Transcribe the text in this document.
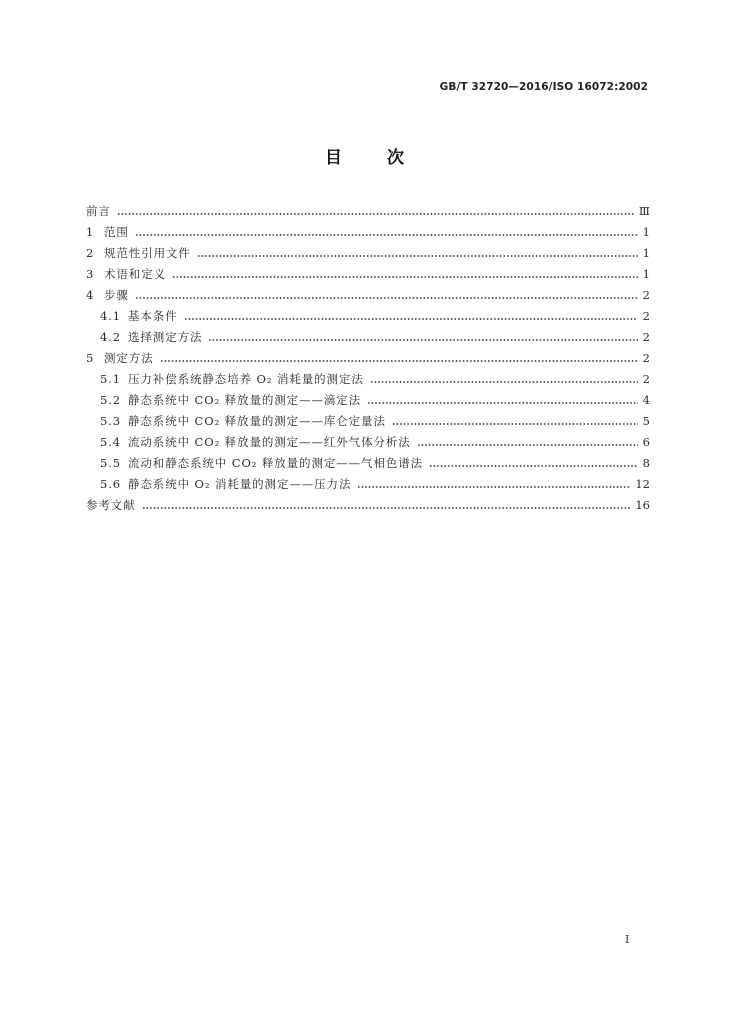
GB/T 32720—2016/ISO 16072:2002
目　次
前言	Ⅲ
1 范围	1
2 规范性引用文件	1
3 术语和定义	1
4 步骤	2
4.1 基本条件	2
4.2 选择测定方法	2
5 测定方法	2
5.1 压力补偿系统静态培养 O₂ 消耗量的测定法	2
5.2 静态系统中 CO₂ 释放量的测定——滴定法	4
5.3 静态系统中 CO₂ 释放量的测定——库仑定量法	5
5.4 流动系统中 CO₂ 释放量的测定——红外气体分析法	6
5.5 流动和静态系统中 CO₂ 释放量的测定——气相色谱法	8
5.6 静态系统中 O₂ 消耗量的测定——压力法	12
参考文献	16
Ⅰ
